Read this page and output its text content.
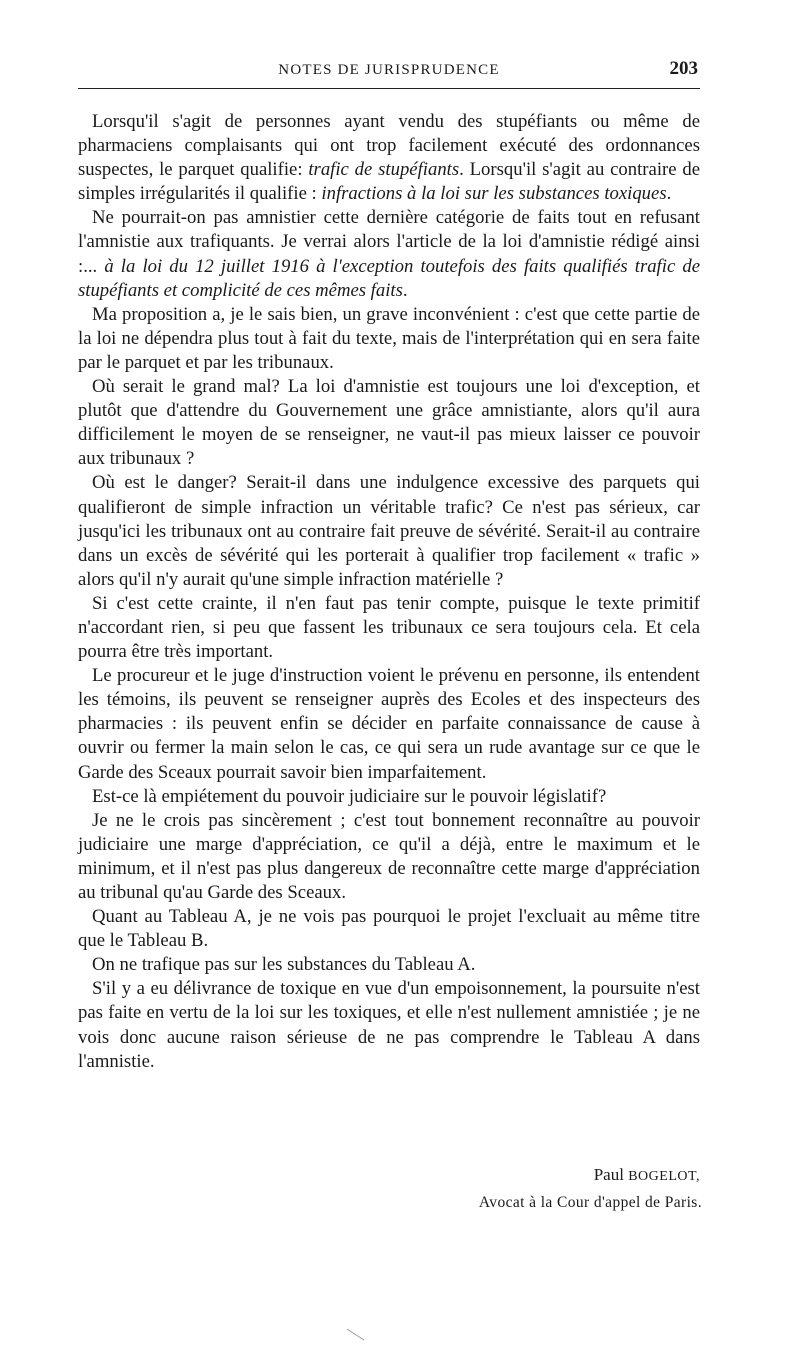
NOTES DE JURISPRUDENCE	203

Lorsqu'il s'agit de personnes ayant vendu des stupéfiants ou même de pharmaciens complaisants qui ont trop facilement exécuté des ordonnances suspectes, le parquet qualifie: trafic de stupéfiants. Lorsqu'il s'agit au contraire de simples irrégularités il qualifie : infractions à la loi sur les substances toxiques.

Ne pourrait-on pas amnistier cette dernière catégorie de faits tout en refusant l'amnistie aux trafiquants. Je verrai alors l'article de la loi d'amnistie rédigé ainsi :... à la loi du 12 juillet 1916 à l'exception toutefois des faits qualifiés trafic de stupéfiants et complicité de ces mêmes faits.

Ma proposition a, je le sais bien, un grave inconvénient : c'est que cette partie de la loi ne dépendra plus tout à fait du texte, mais de l'interprétation qui en sera faite par le parquet et par les tribunaux.

Où serait le grand mal? La loi d'amnistie est toujours une loi d'exception, et plutôt que d'attendre du Gouvernement une grâce amnistiante, alors qu'il aura difficilement le moyen de se renseigner, ne vaut-il pas mieux laisser ce pouvoir aux tribunaux ?

Où est le danger? Serait-il dans une indulgence excessive des parquets qui qualifieront de simple infraction un véritable trafic? Ce n'est pas sérieux, car jusqu'ici les tribunaux ont au contraire fait preuve de sévérité. Serait-il au contraire dans un excès de sévérité qui les porterait à qualifier trop facilement « trafic » alors qu'il n'y aurait qu'une simple infraction matérielle ?

Si c'est cette crainte, il n'en faut pas tenir compte, puisque le texte primitif n'accordant rien, si peu que fassent les tribunaux ce sera toujours cela. Et cela pourra être très important.

Le procureur et le juge d'instruction voient le prévenu en personne, ils entendent les témoins, ils peuvent se renseigner auprès des Ecoles et des inspecteurs des pharmacies : ils peuvent enfin se décider en parfaite connaissance de cause à ouvrir ou fermer la main selon le cas, ce qui sera un rude avantage sur ce que le Garde des Sceaux pourrait savoir bien imparfaitement.

Est-ce là empiétement du pouvoir judiciaire sur le pouvoir législatif?

Je ne le crois pas sincèrement ; c'est tout bonnement reconnaître au pouvoir judiciaire une marge d'appréciation, ce qu'il a déjà, entre le maximum et le minimum, et il n'est pas plus dangereux de reconnaître cette marge d'appréciation au tribunal qu'au Garde des Sceaux.

Quant au Tableau A, je ne vois pas pourquoi le projet l'excluait au même titre que le Tableau B.

On ne trafique pas sur les substances du Tableau A.

S'il y a eu délivrance de toxique en vue d'un empoisonnement, la poursuite n'est pas faite en vertu de la loi sur les toxiques, et elle n'est nullement amnistiée ; je ne vois donc aucune raison sérieuse de ne pas comprendre le Tableau A dans l'amnistie.

Paul BOGELOT,
Avocat à la Cour d'appel de Paris.
